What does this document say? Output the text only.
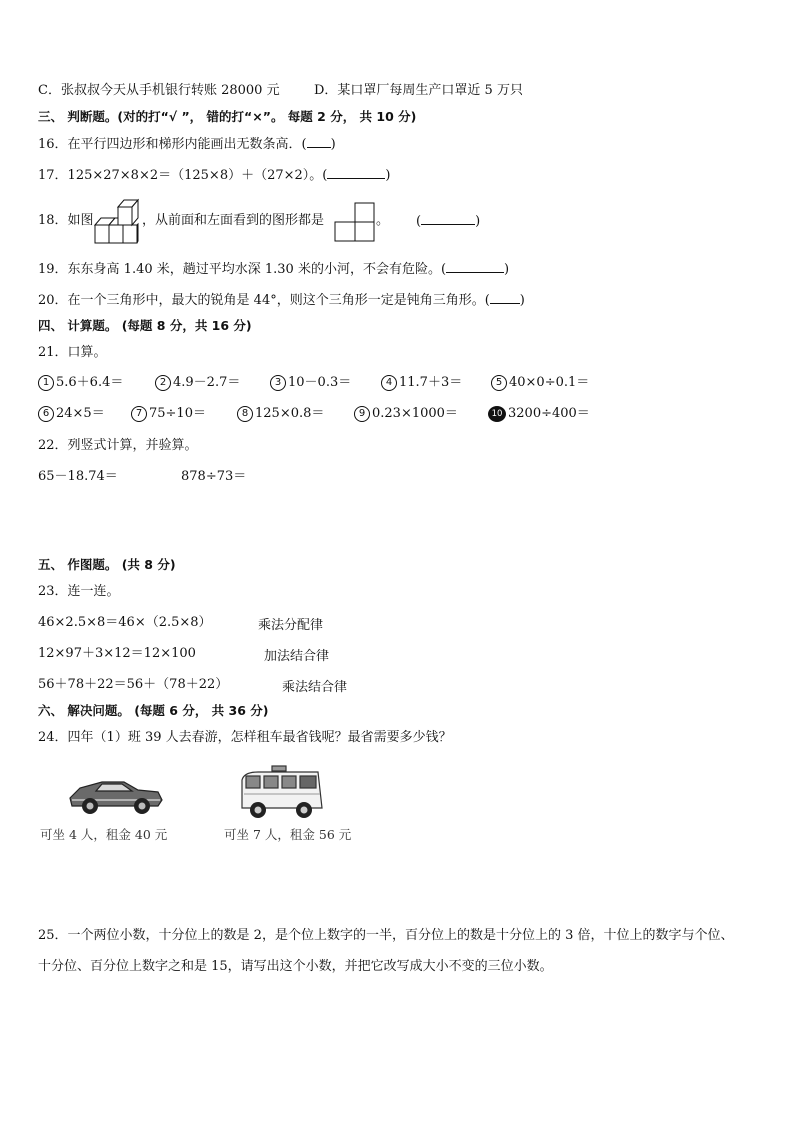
C．张叔叔今天从手机银行转账 28000 元	D．某口罩厂每周生产口罩近 5 万只
三、 判断题。(对的打“√ ”， 错的打“×”。 每题 2 分， 共 10 分)
16．在平行四边形和梯形内能画出无数条高．( )
17．125×27×8×2＝（125×8）＋（27×2）。(	)
18．如图	，从前面和左面看到的图形都是	。 (	)
19．东东身高 1.40 米，趟过平均水深 1.30 米的小河，不会有危险。(	)
20．在一个三角形中，最大的锐角是 44°，则这个三角形一定是钝角三角形。( )
四、 计算题。 (每题 8 分，共 16 分)
21．口算。
1 5.6＋6.4＝	2 4.9－2.7＝	3 10－0.3＝	4 11.7＋3＝	5 40×0÷0.1＝
6 24×5＝	7 75÷10＝	8 125×0.8＝	9 0.23×1000＝	10 3200÷400＝
22．列竖式计算，并验算。
65－18.74＝	878÷73＝
五、 作图题。 (共 8 分)
23．连一连。
46×2.5×8＝46×（2.5×8）	乘法分配律
12×97＋3×12＝12×100	加法结合律
56＋78＋22＝56＋（78＋22）	乘法结合律
六、 解决问题。 (每题 6 分， 共 36 分)
24．四年（1）班 39 人去春游，怎样租车最省钱呢？最省需要多少钱？
可坐 4 人，租金 40 元	可坐 7 人，租金 56 元
25．一个两位小数，十分位上的数是 2，是个位上数字的一半，百分位上的数是十分位上的 3 倍，十位上的数字与个位、
十分位、百分位上数字之和是 15，请写出这个小数，并把它改写成大小不变的三位小数。
